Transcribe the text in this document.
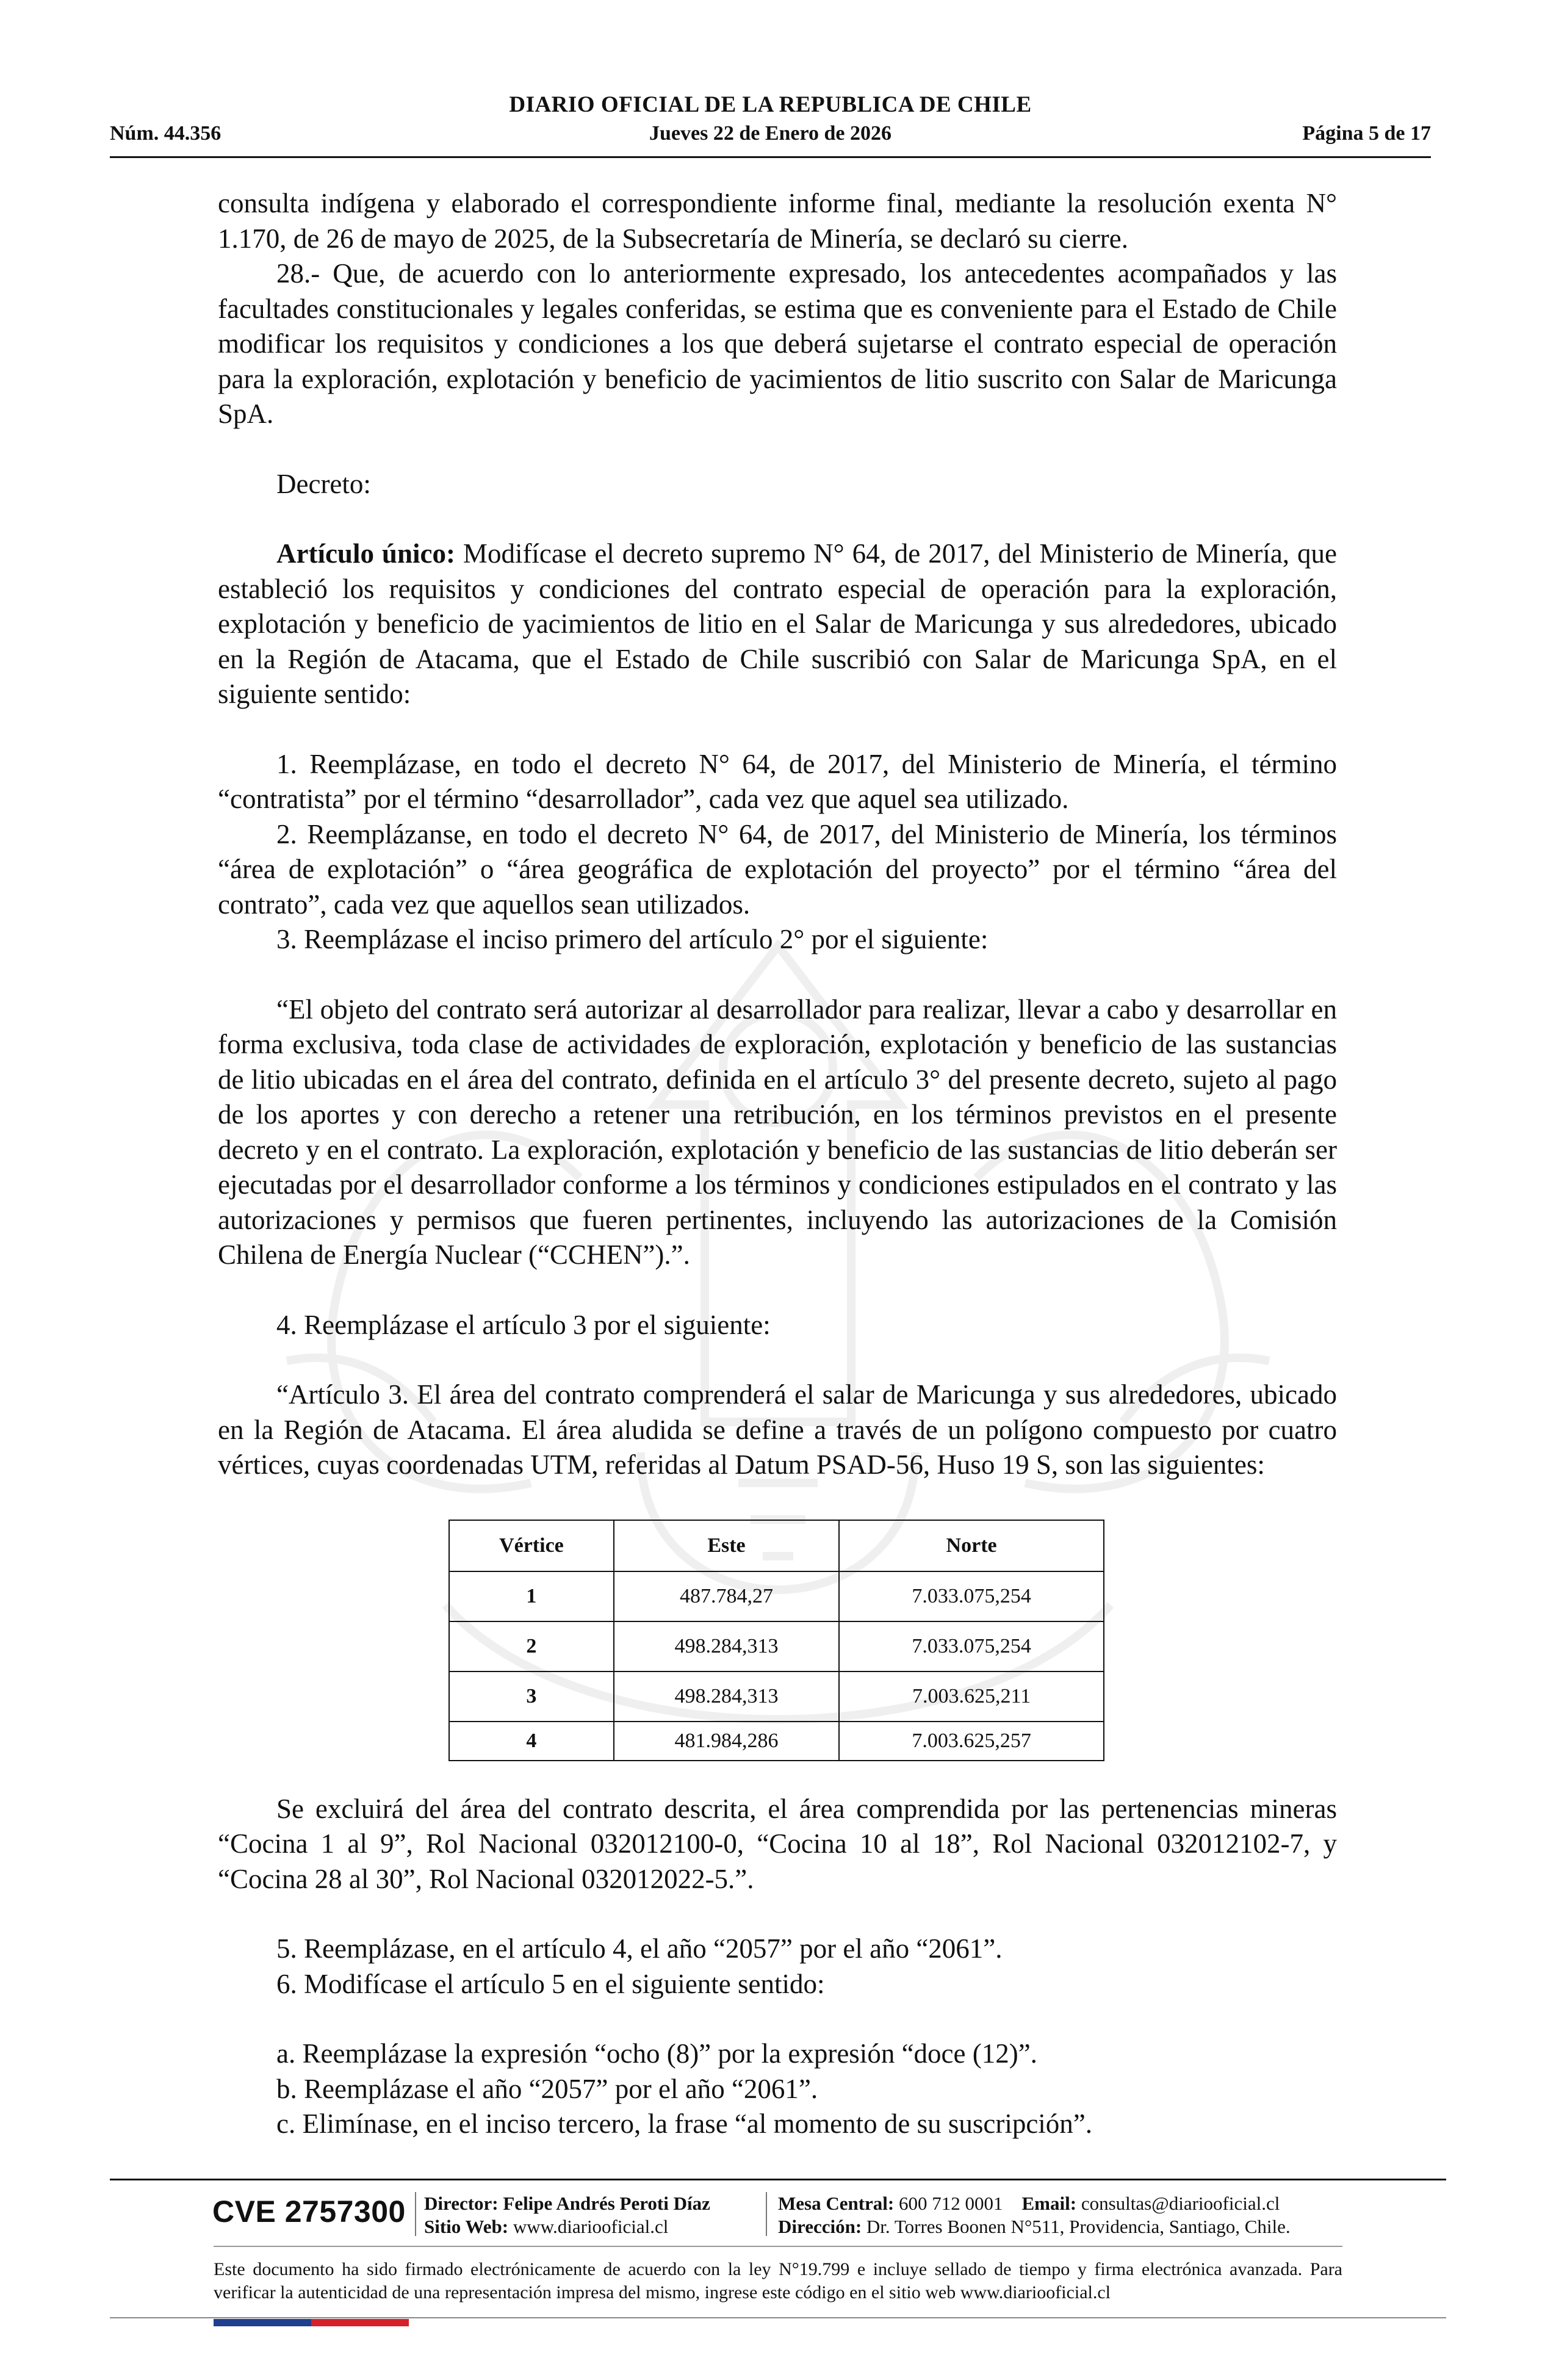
DIARIO OFICIAL DE LA REPUBLICA DE CHILE
Núm. 44.356	Jueves 22 de Enero de 2026	Página 5 de 17

consulta indígena y elaborado el correspondiente informe final, mediante la resolución exenta N° 1.170, de 26 de mayo de 2025, de la Subsecretaría de Minería, se declaró su cierre.

28.- Que, de acuerdo con lo anteriormente expresado, los antecedentes acompañados y las facultades constitucionales y legales conferidas, se estima que es conveniente para el Estado de Chile modificar los requisitos y condiciones a los que deberá sujetarse el contrato especial de operación para la exploración, explotación y beneficio de yacimientos de litio suscrito con Salar de Maricunga SpA.

Decreto:

Artículo único: Modifícase el decreto supremo N° 64, de 2017, del Ministerio de Minería, que estableció los requisitos y condiciones del contrato especial de operación para la exploración, explotación y beneficio de yacimientos de litio en el Salar de Maricunga y sus alrededores, ubicado en la Región de Atacama, que el Estado de Chile suscribió con Salar de Maricunga SpA, en el siguiente sentido:

1. Reemplázase, en todo el decreto N° 64, de 2017, del Ministerio de Minería, el término “contratista” por el término “desarrollador”, cada vez que aquel sea utilizado.

2. Reemplázanse, en todo el decreto N° 64, de 2017, del Ministerio de Minería, los términos “área de explotación” o “área geográfica de explotación del proyecto” por el término “área del contrato”, cada vez que aquellos sean utilizados.

3. Reemplázase el inciso primero del artículo 2° por el siguiente:

“El objeto del contrato será autorizar al desarrollador para realizar, llevar a cabo y desarrollar en forma exclusiva, toda clase de actividades de exploración, explotación y beneficio de las sustancias de litio ubicadas en el área del contrato, definida en el artículo 3° del presente decreto, sujeto al pago de los aportes y con derecho a retener una retribución, en los términos previstos en el presente decreto y en el contrato. La exploración, explotación y beneficio de las sustancias de litio deberán ser ejecutadas por el desarrollador conforme a los términos y condiciones estipulados en el contrato y las autorizaciones y permisos que fueren pertinentes, incluyendo las autorizaciones de la Comisión Chilena de Energía Nuclear (“CCHEN”).”.

4. Reemplázase el artículo 3 por el siguiente:

“Artículo 3. El área del contrato comprenderá el salar de Maricunga y sus alrededores, ubicado en la Región de Atacama. El área aludida se define a través de un polígono compuesto por cuatro vértices, cuyas coordenadas UTM, referidas al Datum PSAD-56, Huso 19 S, son las siguientes:

Vértice	Este	Norte
1	487.784,27	7.033.075,254
2	498.284,313	7.033.075,254
3	498.284,313	7.003.625,211
4	481.984,286	7.003.625,257

Se excluirá del área del contrato descrita, el área comprendida por las pertenencias mineras “Cocina 1 al 9”, Rol Nacional 032012100-0, “Cocina 10 al 18”, Rol Nacional 032012102-7, y “Cocina 28 al 30”, Rol Nacional 032012022-5.”.

5. Reemplázase, en el artículo 4, el año “2057” por el año “2061”.

6. Modifícase el artículo 5 en el siguiente sentido:

a. Reemplázase la expresión “ocho (8)” por la expresión “doce (12)”.

b. Reemplázase el año “2057” por el año “2061”.

c. Elimínase, en el inciso tercero, la frase “al momento de su suscripción”.

CVE 2757300 Director: Felipe Andrés Peroti Díaz
Sitio Web: www.diariooficial.cl
Mesa Central: 600 712 0001 Email: consultas@diariooficial.cl
Dirección: Dr. Torres Boonen N°511, Providencia, Santiago, Chile.
Este documento ha sido firmado electrónicamente de acuerdo con la ley N°19.799 e incluye sellado de tiempo y firma electrónica avanzada. Para verificar la autenticidad de una representación impresa del mismo, ingrese este código en el sitio web www.diariooficial.cl
